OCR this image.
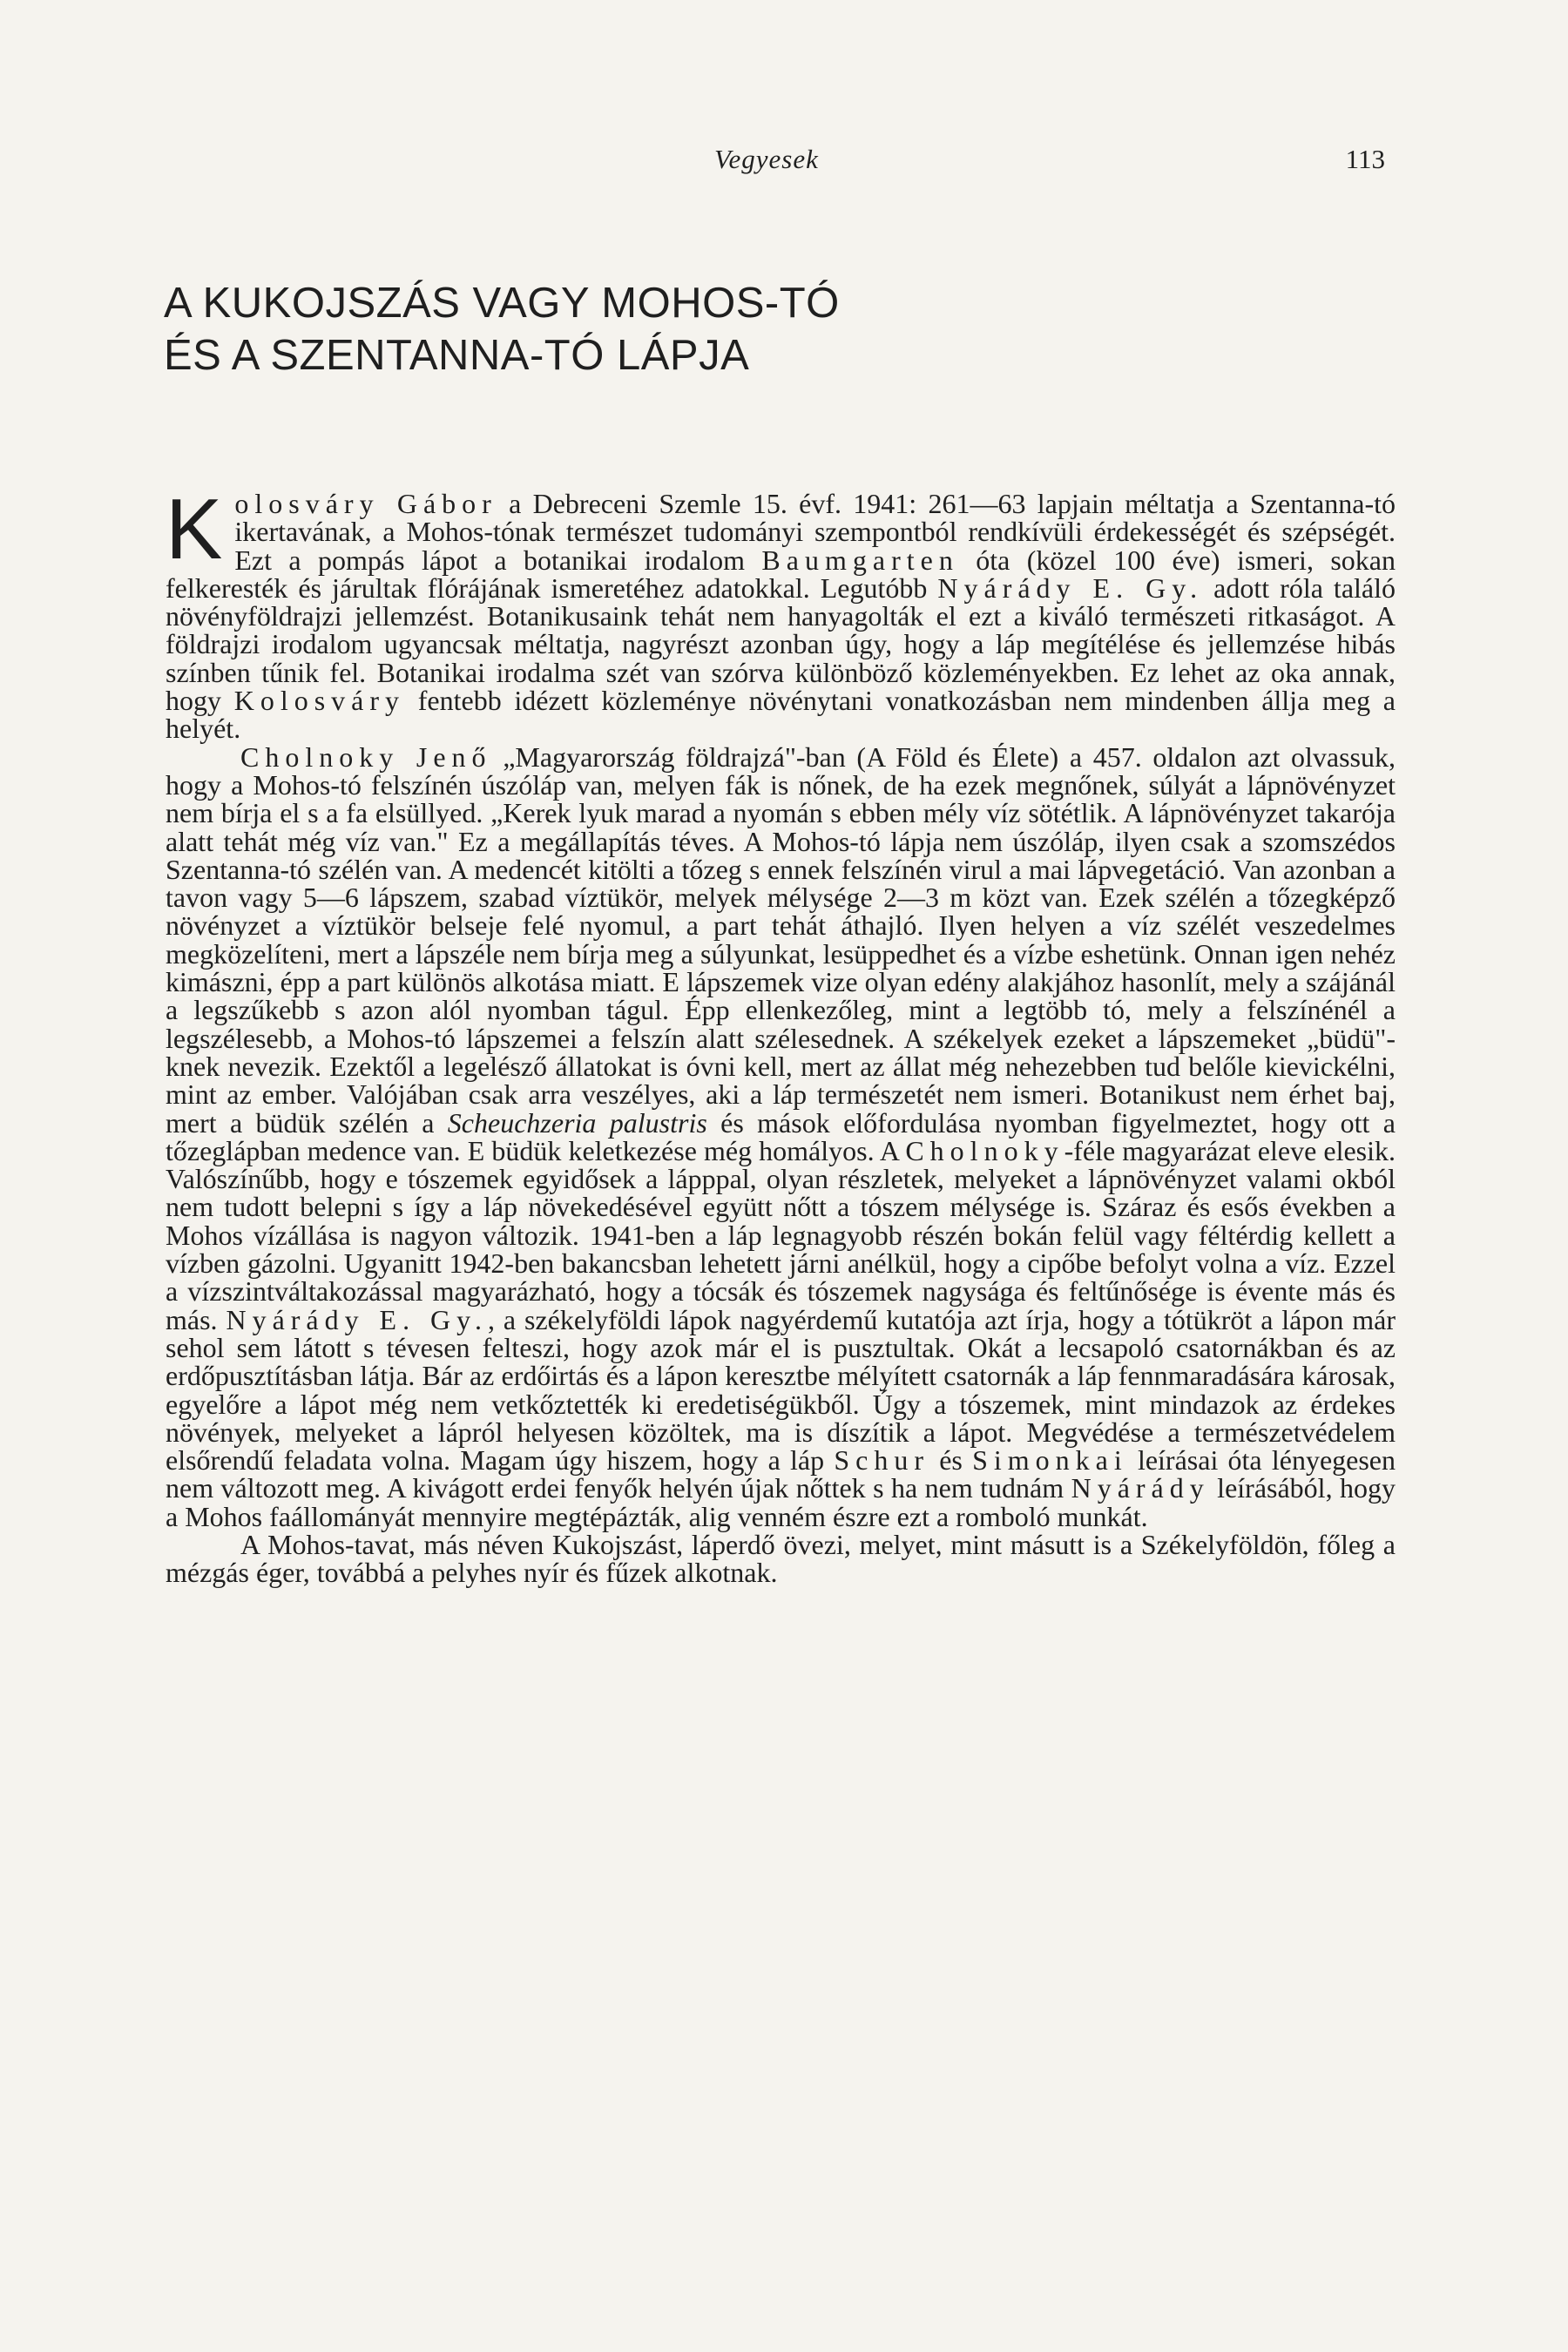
Vegyesek	113
A KUKOJSZÁS VAGY MOHOS-TÓ
ÉS A SZENTANNA-TÓ LÁPJA

Kolosváry Gábor a Debreceni Szemle 15. évf. 1941: 261—63 lapjain méltatja a Szentanna-tó ikertavának, a Mohos-tónak természet tudományi szempontból rendkívüli érdekességét és szépségét. Ezt a pompás lápot a botanikai irodalom Baumgarten óta (közel 100 éve) ismeri, sokan felkeresték és járultak flórájának ismeretéhez adatokkal. Legutóbb Nyárády E. Gy. adott róla találó növényföldrajzi jellemzést. Botanikusaink tehát nem hanyagolták el ezt a kiváló természeti ritkaságot. A földrajzi irodalom ugyancsak méltatja, nagyrészt azonban úgy, hogy a láp megítélése és jellemzése hibás színben tűnik fel. Botanikai irodalma szét van szórva különböző közleményekben. Ez lehet az oka annak, hogy Kolosváry fentebb idézett közleménye növénytani vonatkozásban nem mindenben állja meg a helyét.

Cholnoky Jenő „Magyarország földrajzá"-ban (A Föld és Élete) a 457. oldalon azt olvassuk, hogy a Mohos-tó felszínén úszóláp van, melyen fák is nőnek, de ha ezek megnőnek, súlyát a lápnövényzet nem bírja el s a fa elsüllyed. „Kerek lyuk marad a nyomán s ebben mély víz sötétlik. A lápnövényzet takarója alatt tehát még víz van." Ez a megállapítás téves. A Mohos-tó lápja nem úszóláp, ilyen csak a szomszédos Szentanna-tó szélén van. A medencét kitölti a tőzeg s ennek felszínén virul a mai lápvegetáció. Van azonban a tavon vagy 5—6 lápszem, szabad víztükör, melyek mélysége 2—3 m közt van. Ezek szélén a tőzegképző növényzet a víztükör belseje felé nyomul, a part tehát áthajló. Ilyen helyen a víz szélét veszedelmes megközelíteni, mert a lápszéle nem bírja meg a súlyunkat, lesüppedhet és a vízbe eshetünk. Onnan igen nehéz kimászni, épp a part különös alkotása miatt. E lápszemek vize olyan edény alakjához hasonlít, mely a szájánál a legszűkebb s azon alól nyomban tágul. Épp ellenkezőleg, mint a legtöbb tó, mely a felszínénél a legszélesebb, a Mohos-tó lápszemei a felszín alatt szélesednek. A székelyek ezeket a lápszemeket „büdü"-knek nevezik. Ezektől a legelésző állatokat is óvni kell, mert az állat még nehezebben tud belőle kievickélni, mint az ember. Valójában csak arra veszélyes, aki a láp természetét nem ismeri. Botanikust nem érhet baj, mert a büdük szélén a Scheuchzeria palustris és mások előfordulása nyomban figyelmeztet, hogy ott a tőzeglápban medence van. E büdük keletkezése még homályos. A Cholnoky-féle magyarázat eleve elesik. Valószínűbb, hogy e tószemek egyidősek a lápppal, olyan részletek, melyeket a lápnövényzet valami okból nem tudott belepni s így a láp növekedésével együtt nőtt a tószem mélysége is. Száraz és esős években a Mohos vízállása is nagyon változik. 1941-ben a láp legnagyobb részén bokán felül vagy féltérdig kellett a vízben gázolni. Ugyanitt 1942-ben bakancsban lehetett járni anélkül, hogy a cipőbe befolyt volna a víz. Ezzel a vízszintváltakozással magyarázható, hogy a tócsák és tószemek nagysága és feltűnősége is évente más és más. Nyárády E. Gy., a székelyföldi lápok nagyérdemű kutatója azt írja, hogy a tótükröt a lápon már sehol sem látott s tévesen felteszi, hogy azok már el is pusztultak. Okát a lecsapoló csatornákban és az erdőpusztításban látja. Bár az erdőirtás és a lápon keresztbe mélyített csatornák a láp fennmaradására károsak, egyelőre a lápot még nem vetkőztették ki eredetiségükből. Úgy a tószemek, mint mindazok az érdekes növények, melyeket a lápról helyesen közöltek, ma is díszítik a lápot. Megvédése a természetvédelem elsőrendű feladata volna. Magam úgy hiszem, hogy a láp Schur és Simonkai leírásai óta lényegesen nem változott meg. A kivágott erdei fenyők helyén újak nőttek s ha nem tudnám Nyárády leírásából, hogy a Mohos faállományát mennyire megtépázták, alig venném észre ezt a romboló munkát.

A Mohos-tavat, más néven Kukojszást, láperdő övezi, melyet, mint másutt is a Székelyföldön, főleg a mézgás éger, továbbá a pelyhes nyír és fűzek alkotnak.
